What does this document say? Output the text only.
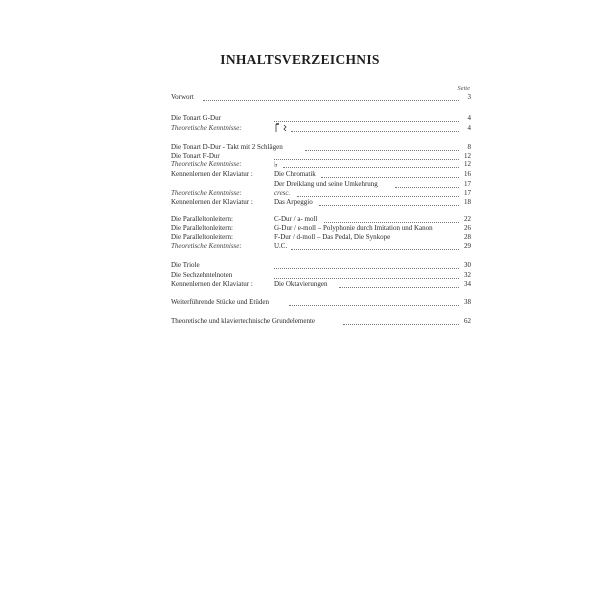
INHALTSVERZEICHNIS
Seite
Vorwort	3
Die Tonart G-Dur	4
Theoretische Kenntnisse:	4
Die Tonart D-Dur - Takt mit 2 Schlägen	8
Die Tonart F-Dur	12
Theoretische Kenntnisse:	♭	12
Kennenlernen der Klaviatur :	Die Chromatik	16
Der Dreiklang und seine Umkehrung	17
Theoretische Kenntnisse:	cresc.	17
Kennenlernen der Klaviatur :	Das Arpeggio	18
Die Paralleltonleitern:	C-Dur / a- moll	22
Die Paralleltonleitern:	G-Dur / e-moll – Polyphonie durch Imitation und Kanon	26
Die Paralleltonleitern:	F-Dur / d-moll – Das Pedal, Die Synkope	28
Theoretische Kenntnisse:	U.C.	29
Die Triole	30
Die Sechzehntelnoten	32
Kennenlernen der Klaviatur :	Die Oktavierungen	34
Weiterführende Stücke und Etüden	38
Theoretische und klaviertechnische Grundelemente	62
